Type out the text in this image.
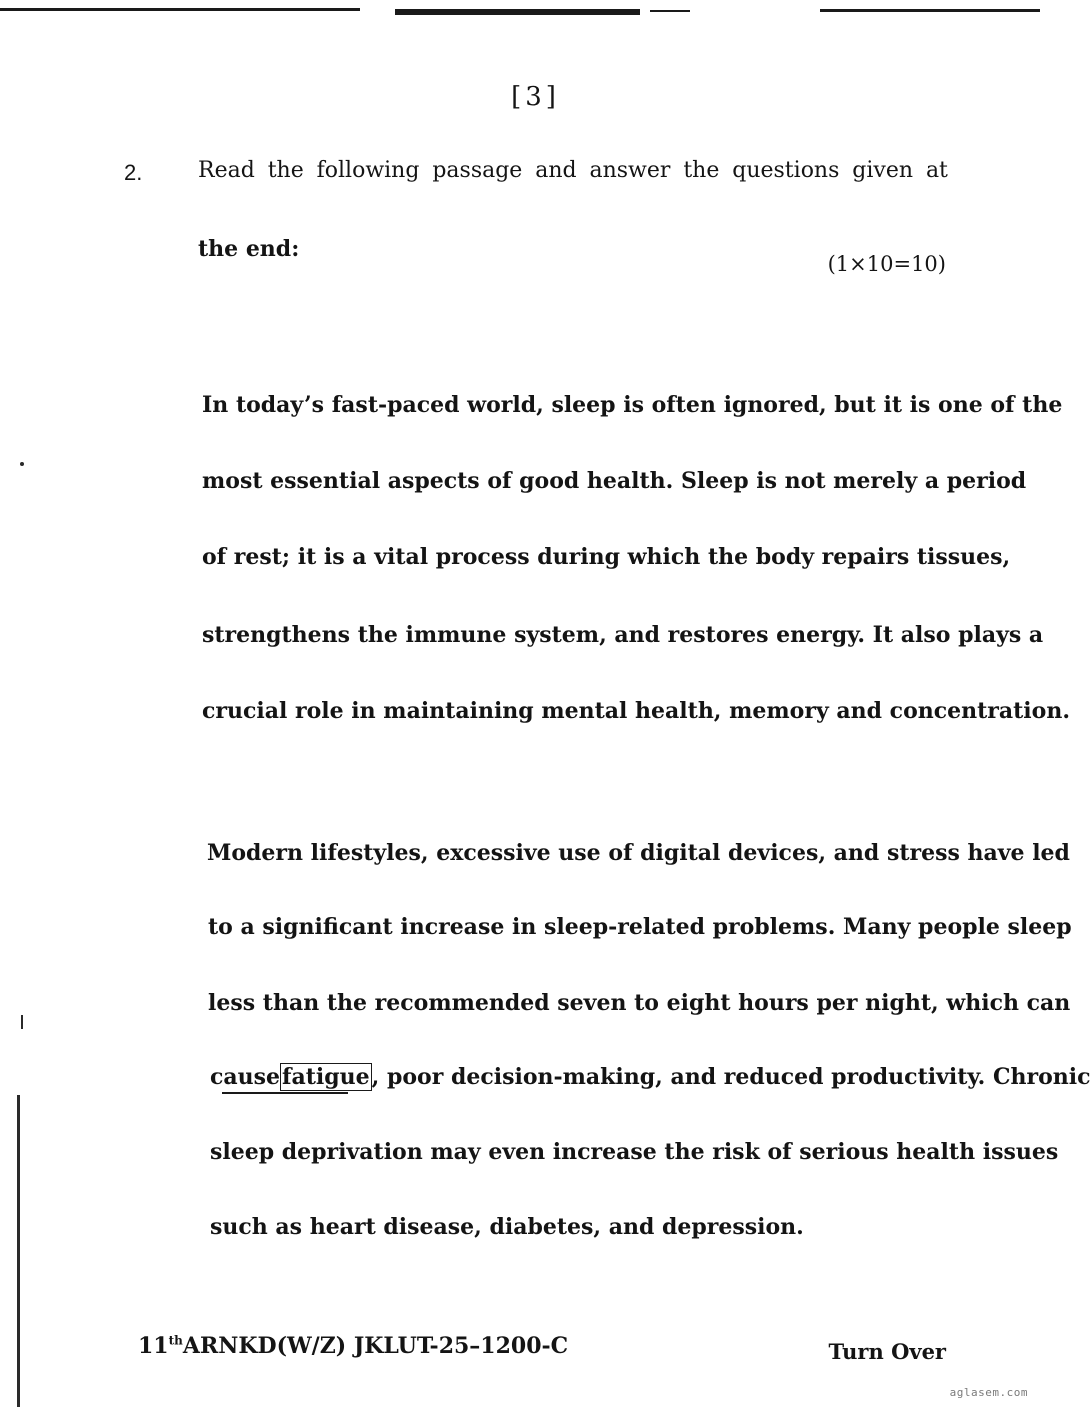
[3]
2.	Read the following passage and answer the questions given at
the end:
(1×10=10)
In today’s fast-paced world, sleep is often ignored, but it is one of the
most essential aspects of good health. Sleep is not merely a period
of rest; it is a vital process during which the body repairs tissues,
strengthens the immune system, and restores energy. It also plays a
crucial role in maintaining mental health, memory and concentration.
Modern lifestyles, excessive use of digital devices, and stress have led
to a significant increase in sleep-related problems. Many people sleep
less than the recommended seven to eight hours per night, which can
causefatigue, poor decision-making, and reduced productivity. Chronic
sleep deprivation may even increase the risk of serious health issues
such as heart disease, diabetes, and depression.
11thARNKD(W/Z) JKLUT-25–1200-C	Turn Over
aglasem.com
